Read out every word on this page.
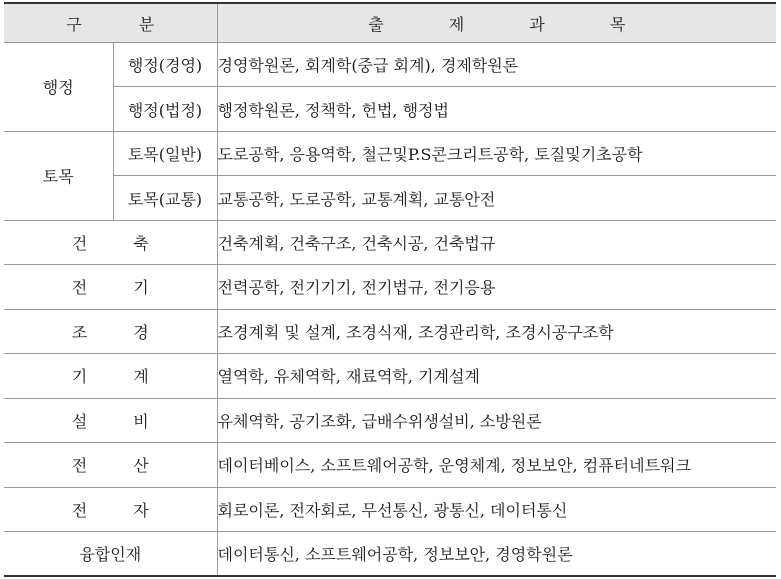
구 분		출 제 과 목
행정	행정(경영)	경영학원론, 회계학(중급 회계), 경제학원론
	행정(법정)	행정학원론, 정책학, 헌법, 행정법
토목	토목(일반)	도로공학, 응용역학, 철근및P.S콘크리트공학, 토질및기초공학
	토목(교통)	교통공학, 도로공학, 교통계획, 교통안전
건축		건축계획, 건축구조, 건축시공, 건축법규
전기		전력공학, 전기기기, 전기법규, 전기응용
조경		조경계획 및 설계, 조경식재, 조경관리학, 조경시공구조학
기계		열역학, 유체역학, 재료역학, 기계설계
설비		유체역학, 공기조화, 급배수위생설비, 소방원론
전산		데이터베이스, 소프트웨어공학, 운영체계, 정보보안, 컴퓨터네트워크
전자		회로이론, 전자회로, 무선통신, 광통신, 데이터통신
융합인재		데이터통신, 소프트웨어공학, 정보보안, 경영학원론
